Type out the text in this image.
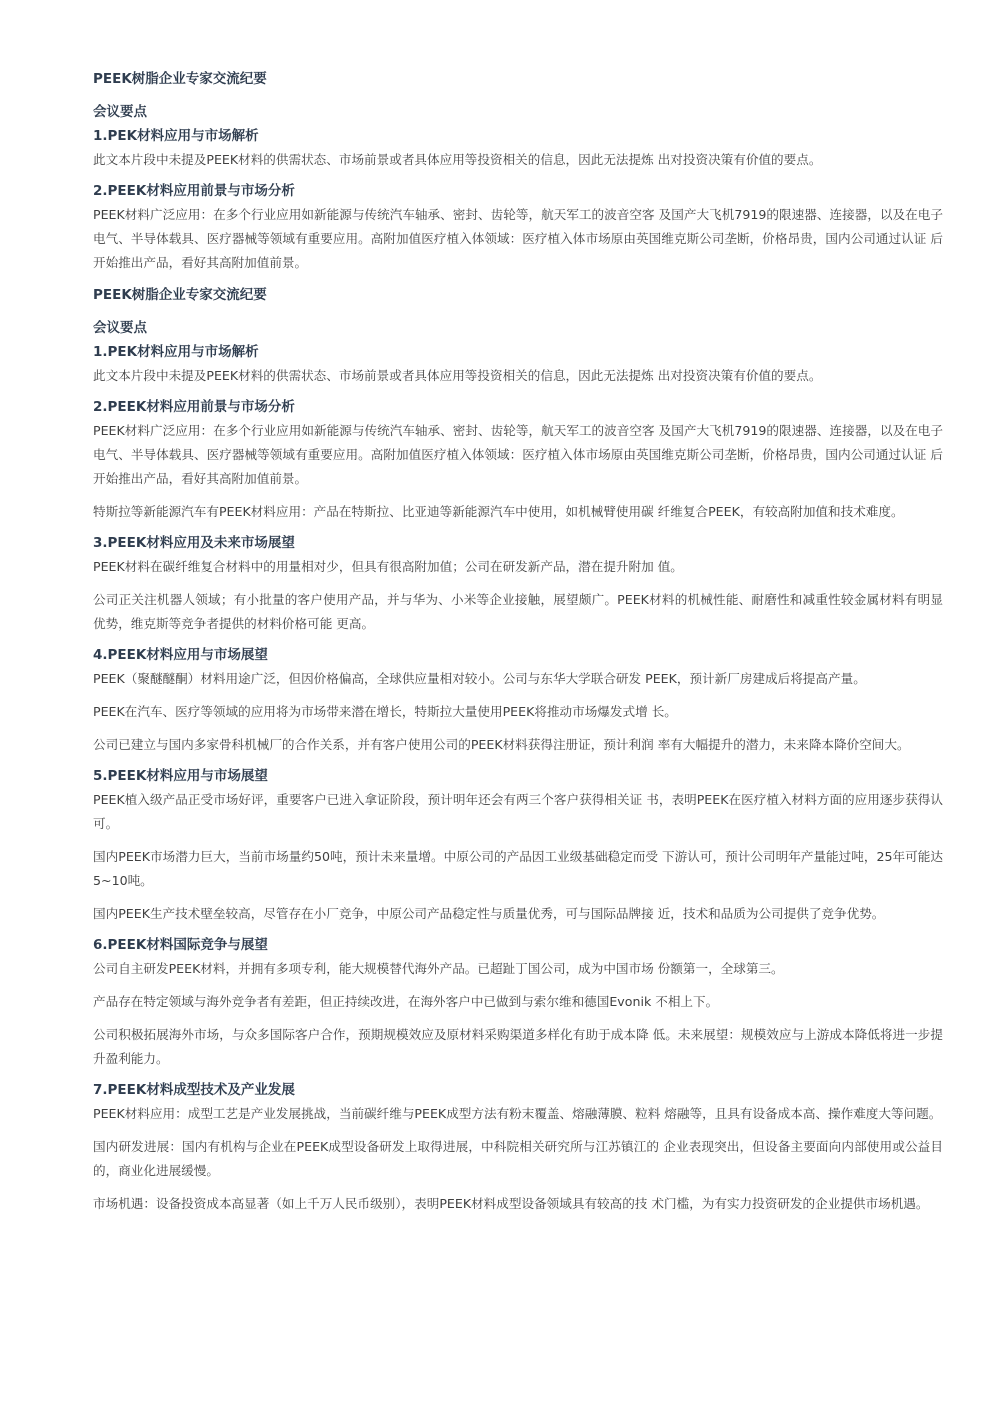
PEEK树脂企业专家交流纪要
会议要点
1.PEK材料应用与市场解析

此文本片段中未提及PEEK材料的供需状态、市场前景或者具体应用等投资相关的信息，因此无法提炼 出对投资决策有价值的要点。

2.PEEK材料应用前景与市场分析

PEEK材料广泛应用：在多个行业应用如新能源与传统汽车轴承、密封、齿轮等，航天军工的波音空客 及国产大飞机7919的限速器、连接器，以及在电子电气、半导体载具、医疗器械等领域有重要应用。高附加值医疗植入体领域：医疗植入体市场原由英国维克斯公司垄断，价格昂贵，国内公司通过认证 后开始推出产品，看好其高附加值前景。

PEEK树脂企业专家交流纪要
会议要点
1.PEK材料应用与市场解析

此文本片段中未提及PEEK材料的供需状态、市场前景或者具体应用等投资相关的信息，因此无法提炼 出对投资决策有价值的要点。

2.PEEK材料应用前景与市场分析

PEEK材料广泛应用：在多个行业应用如新能源与传统汽车轴承、密封、齿轮等，航天军工的波音空客 及国产大飞机7919的限速器、连接器，以及在电子电气、半导体载具、医疗器械等领域有重要应用。高附加值医疗植入体领域：医疗植入体市场原由英国维克斯公司垄断，价格昂贵，国内公司通过认证 后开始推出产品，看好其高附加值前景。

特斯拉等新能源汽车有PEEK材料应用：产品在特斯拉、比亚迪等新能源汽车中使用，如机械臂使用碳 纤维复合PEEK，有较高附加值和技术难度。

3.PEEK材料应用及未来市场展望

PEEK材料在碳纤维复合材料中的用量相对少，但具有很高附加值；公司在研发新产品，潜在提升附加 值。

公司正关注机器人领域；有小批量的客户使用产品，并与华为、小米等企业接触，展望颇广。PEEK材料的机械性能、耐磨性和减重性较金属材料有明显优势，维克斯等竞争者提供的材料价格可能 更高。

4.PEEK材料应用与市场展望

PEEK（聚醚醚酮）材料用途广泛，但因价格偏高，全球供应量相对较小。公司与东华大学联合研发 PEEK，预计新厂房建成后将提高产量。

PEEK在汽车、医疗等领域的应用将为市场带来潜在增长，特斯拉大量使用PEEK将推动市场爆发式增 长。

公司已建立与国内多家骨科机械厂的合作关系，并有客户使用公司的PEEK材料获得注册证，预计利润 率有大幅提升的潜力，未来降本降价空间大。

5.PEEK材料应用与市场展望

PEEK植入级产品正受市场好评，重要客户已进入拿证阶段，预计明年还会有两三个客户获得相关证 书，表明PEEK在医疗植入材料方面的应用逐步获得认可。

国内PEEK市场潜力巨大，当前市场量约50吨，预计未来量增。中原公司的产品因工业级基础稳定而受 下游认可，预计公司明年产量能过吨，25年可能达5~10吨。

国内PEEK生产技术壁垒较高，尽管存在小厂竞争，中原公司产品稳定性与质量优秀，可与国际品牌接 近，技术和品质为公司提供了竞争优势。

6.PEEK材料国际竞争与展望

公司自主研发PEEK材料，并拥有多项专利，能大规模替代海外产品。已超趾丁国公司，成为中国市场 份额第一，全球第三。

产品存在特定领域与海外竞争者有差距，但正持续改进，在海外客户中已做到与索尔维和德国Evonik 不相上下。

公司积极拓展海外市场，与众多国际客户合作，预期规模效应及原材料采购渠道多样化有助于成本降 低。未来展望：规模效应与上游成本降低将进一步提升盈利能力。

7.PEEK材料成型技术及产业发展

PEEK材料应用：成型工艺是产业发展挑战，当前碳纤维与PEEK成型方法有粉末覆盖、熔融薄膜、粒料 熔融等，且具有设备成本高、操作难度大等问题。

国内研发进展：国内有机构与企业在PEEK成型设备研发上取得进展，中科院相关研究所与江苏镇江的 企业表现突出，但设备主要面向内部使用或公益目的，商业化进展缓慢。

市场机遇：设备投资成本高显著（如上千万人民币级别），表明PEEK材料成型设备领域具有较高的技 术门槛，为有实力投资研发的企业提供市场机遇。
